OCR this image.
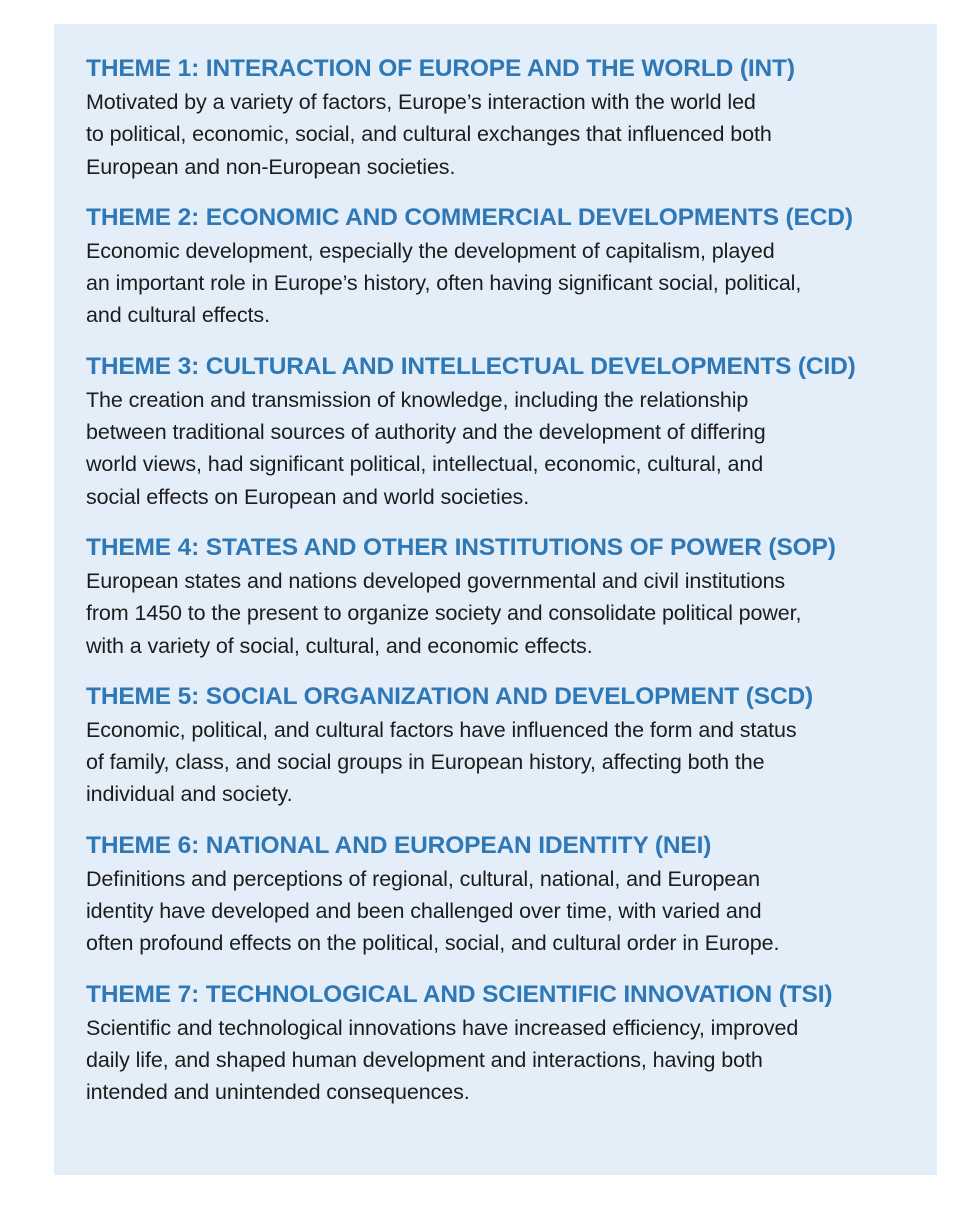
THEME 1: INTERACTION OF EUROPE AND THE WORLD (INT)

Motivated by a variety of factors, Europe’s interaction with the world led
to political, economic, social, and cultural exchanges that influenced both
European and non-European societies.

THEME 2: ECONOMIC AND COMMERCIAL DEVELOPMENTS (ECD)

Economic development, especially the development of capitalism, played
an important role in Europe’s history, often having significant social, political,
and cultural effects.

THEME 3: CULTURAL AND INTELLECTUAL DEVELOPMENTS (CID)

The creation and transmission of knowledge, including the relationship
between traditional sources of authority and the development of differing
world views, had significant political, intellectual, economic, cultural, and
social effects on European and world societies.

THEME 4: STATES AND OTHER INSTITUTIONS OF POWER (SOP)

European states and nations developed governmental and civil institutions
from 1450 to the present to organize society and consolidate political power,
with a variety of social, cultural, and economic effects.

THEME 5: SOCIAL ORGANIZATION AND DEVELOPMENT (SCD)

Economic, political, and cultural factors have influenced the form and status
of family, class, and social groups in European history, affecting both the
individual and society.

THEME 6: NATIONAL AND EUROPEAN IDENTITY (NEI)

Definitions and perceptions of regional, cultural, national, and European
identity have developed and been challenged over time, with varied and
often profound effects on the political, social, and cultural order in Europe.

THEME 7: TECHNOLOGICAL AND SCIENTIFIC INNOVATION (TSI)

Scientific and technological innovations have increased efficiency, improved
daily life, and shaped human development and interactions, having both
intended and unintended consequences.
